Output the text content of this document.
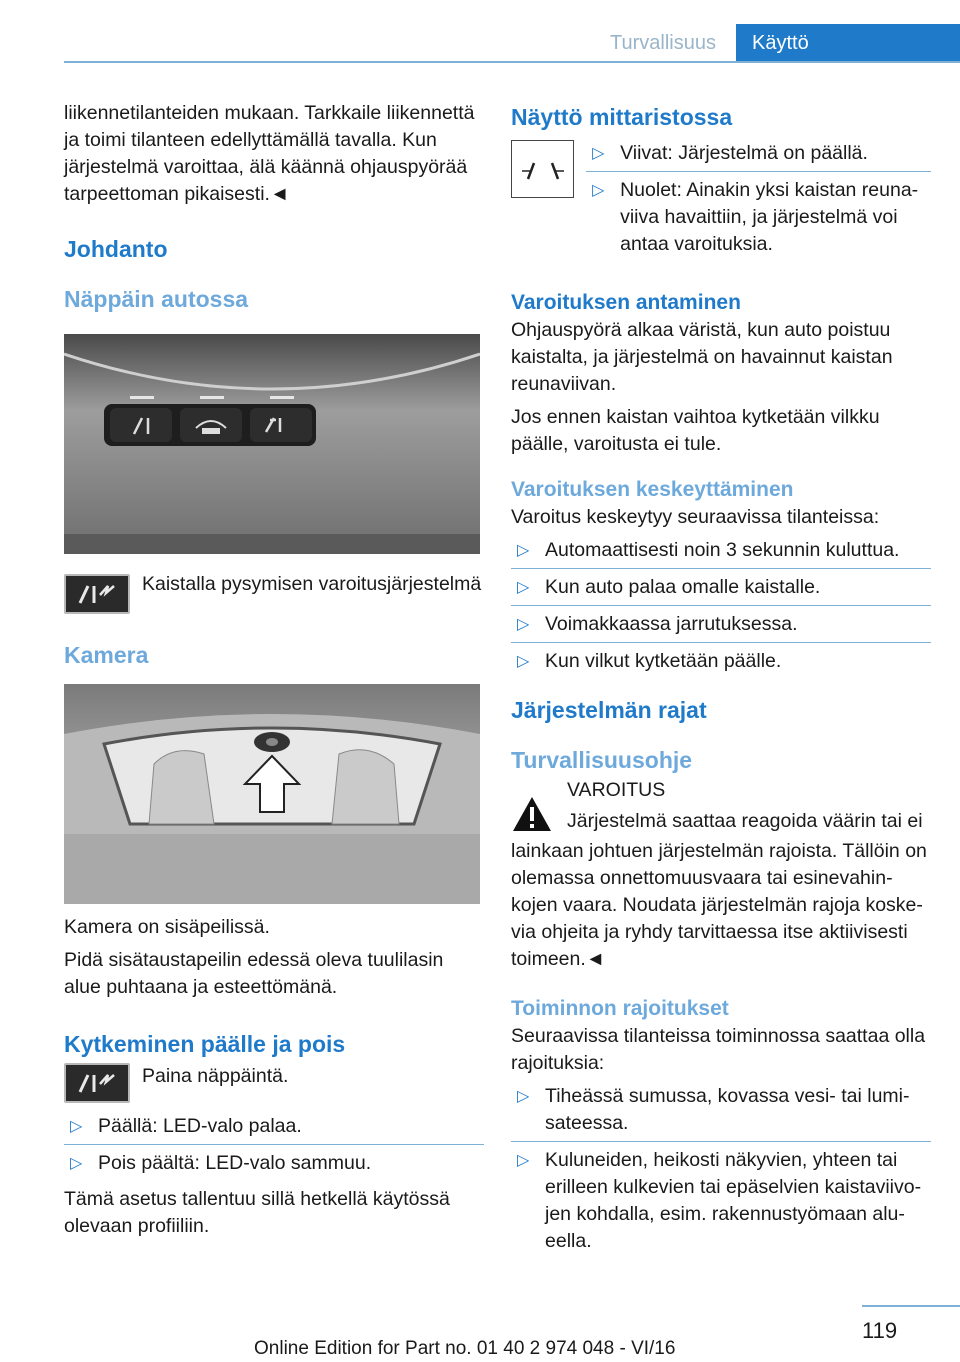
Turvallisuus	Käyttö

liikennetilanteiden mukaan. Tarkkaile liikennettä ja toimi tilanteen edellyttämällä tavalla. Kun järjestelmä varoittaa, älä käännä ohjauspyörää tarpeettoman pikaisesti.◄

Johdanto
Näppäin autossa

Kaistalla pysymisen varoitusjärjestelmä

Kamera

Kamera on sisäpeilissä.

Pidä sisätaustapeilin edessä oleva tuulilasin alue puhtaana ja esteettömänä.

Kytkeminen päälle ja pois

Paina näppäintä.

▷ Päällä: LED-valo palaa.
▷ Pois päältä: LED-valo sammuu.

Tämä asetus tallentuu sillä hetkellä käytössä olevaan profiiliin.

Näyttö mittaristossa
▷ Viivat: Järjestelmä on päällä.
▷ Nuolet: Ainakin yksi kaistan reunaviiva havaittiin, ja järjestelmä voi antaa varoituksia.
Varoituksen antaminen

Ohjauspyörä alkaa väristä, kun auto poistuu kaistalta, ja järjestelmä on havainnut kaistan reunaviivan.

Jos ennen kaistan vaihtoa kytketään vilkku päälle, varoitusta ei tule.

Varoituksen keskeyttäminen

Varoitus keskeytyy seuraavissa tilanteissa:

▷ Automaattisesti noin 3 sekunnin kuluttua.
▷ Kun auto palaa omalle kaistalle.
▷ Voimakkaassa jarrutuksessa.
▷ Kun vilkut kytketään päälle.
Järjestelmän rajat
Turvallisuusohje

VAROITUS

Järjestelmä saattaa reagoida väärin tai ei

lainkaan johtuen järjestelmän rajoista. Tällöin on olemassa onnettomuusvaara tai esinevahinkojen vaara. Noudata järjestelmän rajoja koskevia ohjeita ja ryhdy tarvittaessa itse aktiivisesti toimeen.◄

Toiminnon rajoitukset

Seuraavissa tilanteissa toiminnossa saattaa olla rajoituksia:

▷ Tiheässä sumussa, kovassa vesi- tai lumisateessa.
▷ Kuluneiden, heikosti näkyvien, yhteen tai erilleen kulkevien tai epäselvien kaistaviivojen kohdalla, esim. rakennustyömaan alueella.
119
Online Edition for Part no. 01 40 2 974 048 - VI/16
